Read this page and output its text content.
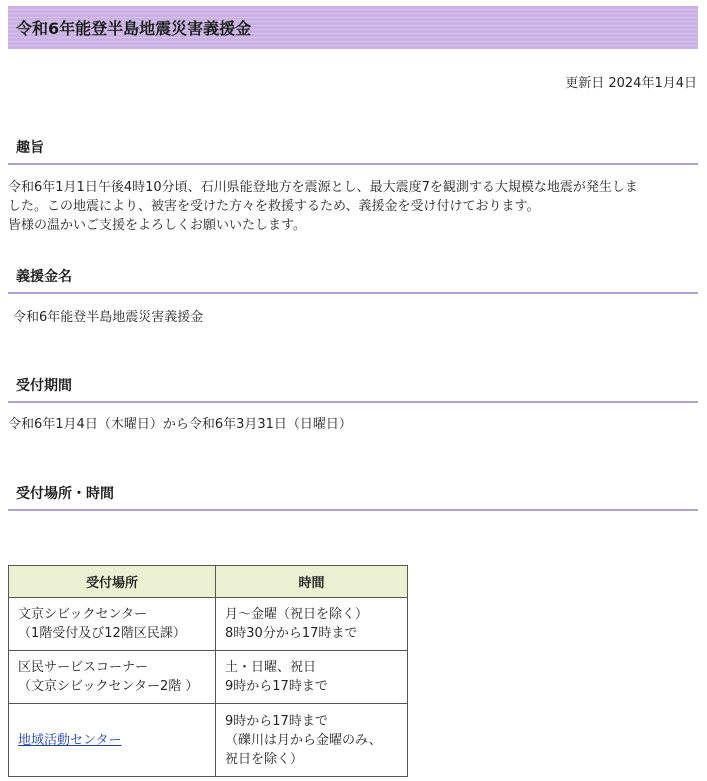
令和6年能登半島地震災害義援金
更新日 2024年1月4日
趣旨

令和6年1月1日午後4時10分頃、石川県能登地方を震源とし、最大震度7を観測する大規模な地震が発生しま

した。この地震により、被害を受けた方々を救援するため、義援金を受け付けております。

皆様の温かいご支援をよろしくお願いいたします。

義援金名
令和6年能登半島地震災害義援金
受付期間
令和6年1月4日（木曜日）から令和6年3月31日（日曜日）
受付場所・時間
受付場所	時間

文京シビックセンター
（1階受付及び12階区民課）	月～金曜（祝日を除く）
8時30分から17時まで

区民サービスコーナー
（文京シビックセンター2階 ）	土・日曜、祝日
9時から17時まで

地域活動センター	9時から17時まで
（礫川は月から金曜のみ、
祝日を除く）
